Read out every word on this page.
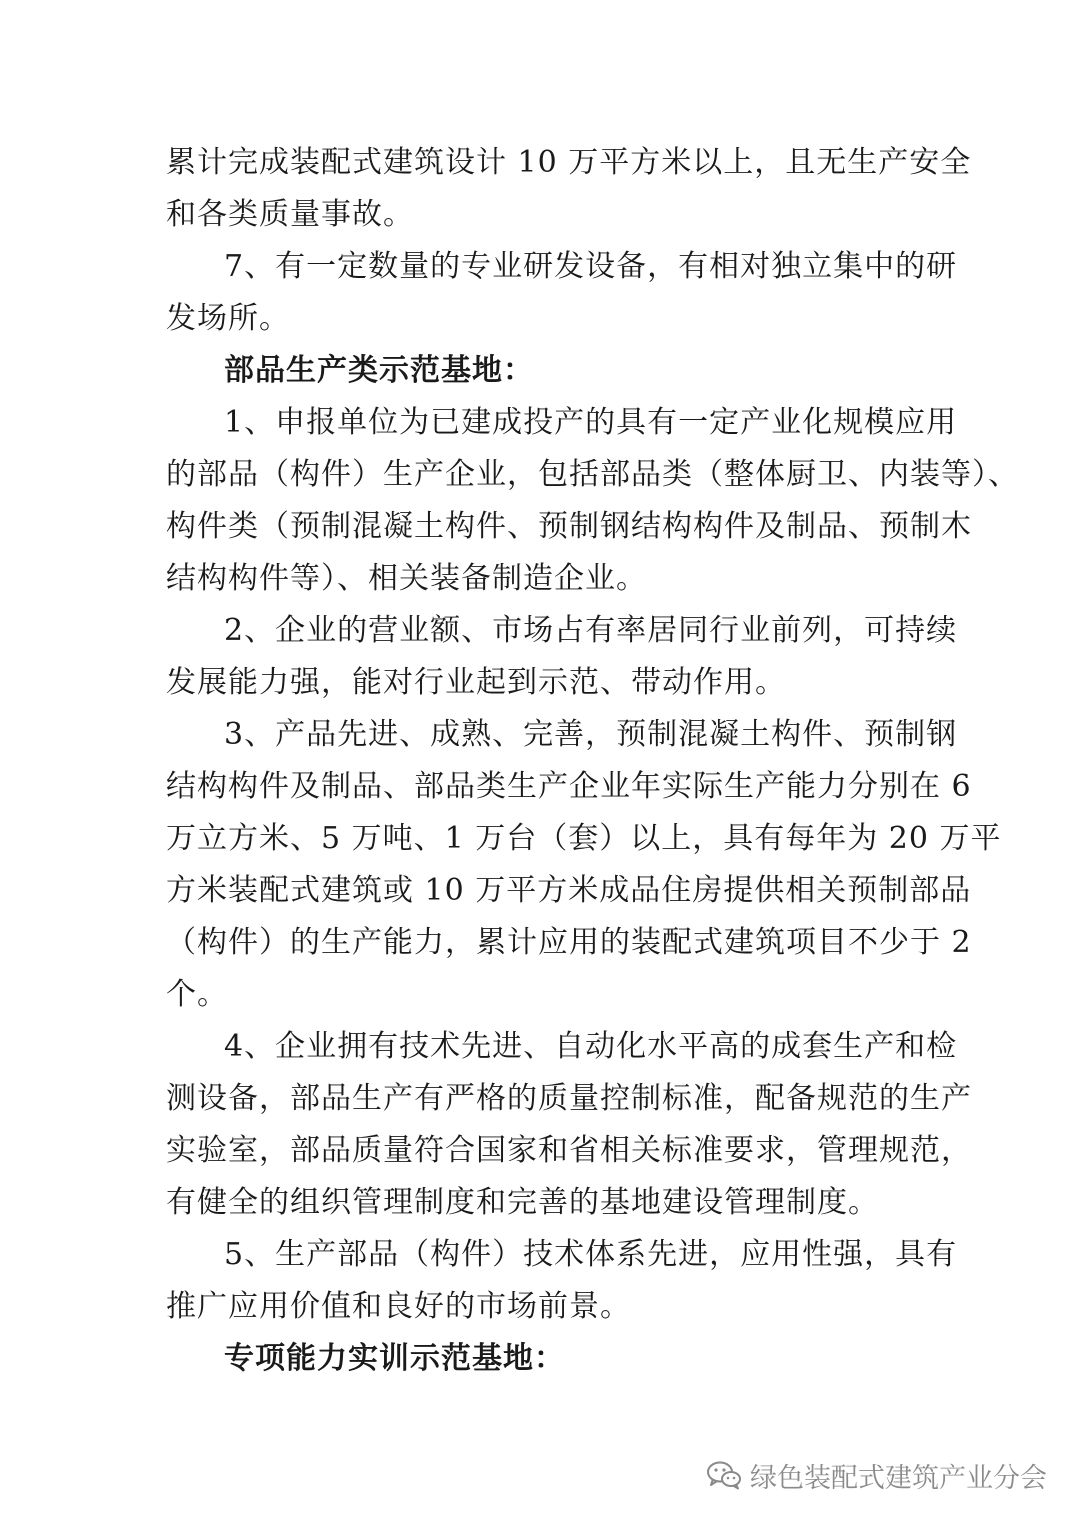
累计完成装配式建筑设计 10 万平方米以上，且无生产安全
和各类质量事故。
7、有一定数量的专业研发设备，有相对独立集中的研
发场所。
部品生产类示范基地：
1、申报单位为已建成投产的具有一定产业化规模应用
的部品（构件）生产企业，包括部品类（整体厨卫、内装等）、
构件类（预制混凝土构件、预制钢结构构件及制品、预制木
结构构件等）、相关装备制造企业。
2、企业的营业额、市场占有率居同行业前列，可持续
发展能力强，能对行业起到示范、带动作用。
3、产品先进、成熟、完善，预制混凝土构件、预制钢
结构构件及制品、部品类生产企业年实际生产能力分别在 6
万立方米、5 万吨、1 万台（套）以上，具有每年为 20 万平
方米装配式建筑或 10 万平方米成品住房提供相关预制部品
（构件）的生产能力，累计应用的装配式建筑项目不少于 2
个。
4、企业拥有技术先进、自动化水平高的成套生产和检
测设备，部品生产有严格的质量控制标准，配备规范的生产
实验室，部品质量符合国家和省相关标准要求，管理规范，
有健全的组织管理制度和完善的基地建设管理制度。
5、生产部品（构件）技术体系先进，应用性强，具有
推广应用价值和良好的市场前景。
专项能力实训示范基地：
绿色装配式建筑产业分会
